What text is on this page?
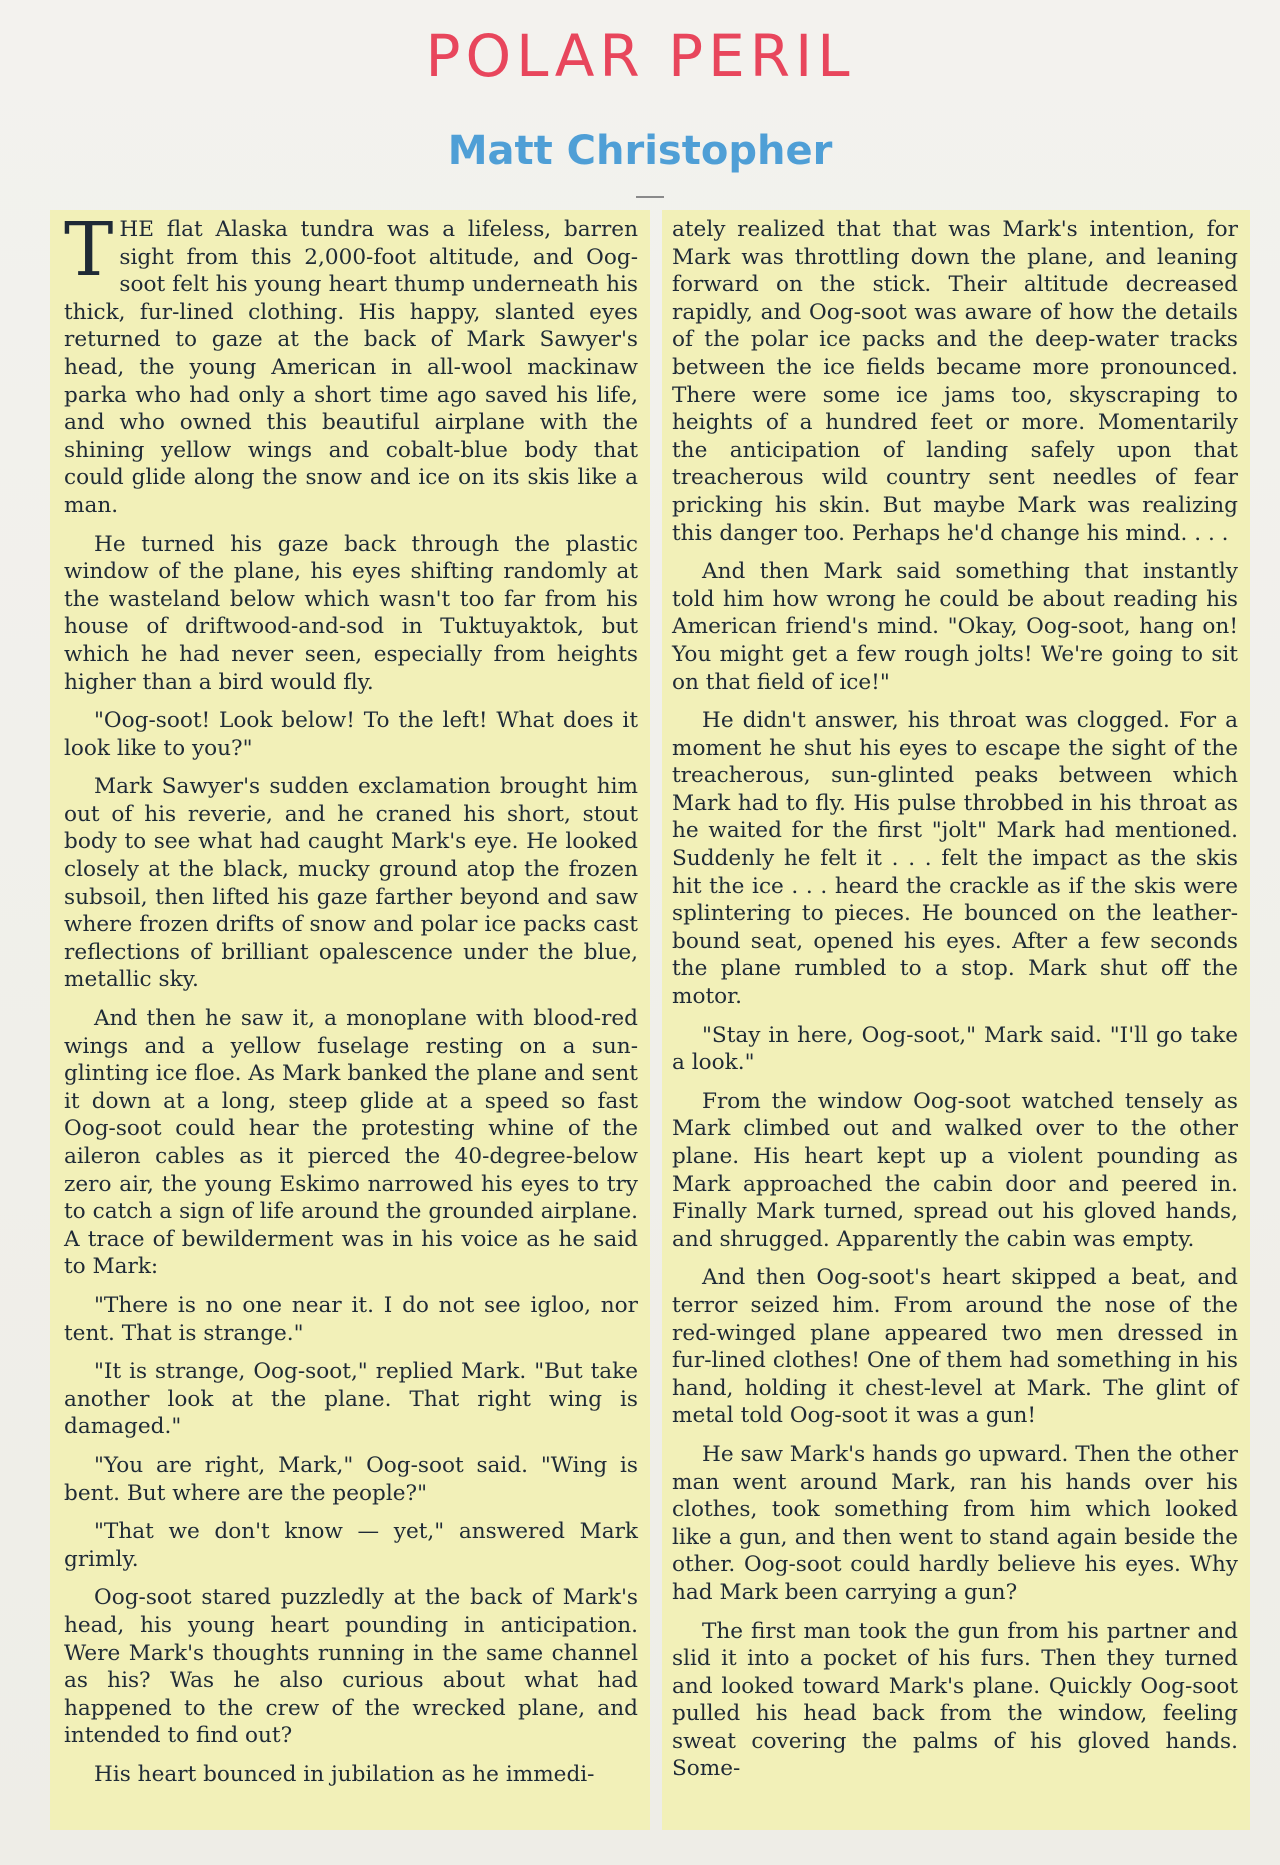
POLAR PERIL
Matt Christopher

THE flat Alaska tundra was a lifeless, barren sight from this 2,000-foot altitude, and Oog-soot felt his young heart thump underneath his thick, fur-lined clothing. His happy, slanted eyes returned to gaze at the back of Mark Sawyer's head, the young American in all-wool mackinaw parka who had only a short time ago saved his life, and who owned this beautiful airplane with the shining yellow wings and cobalt-blue body that could glide along the snow and ice on its skis like a man.

He turned his gaze back through the plastic window of the plane, his eyes shifting randomly at the wasteland below which wasn't too far from his house of driftwood-and-sod in Tuktuyaktok, but which he had never seen, especially from heights higher than a bird would fly.

"Oog-soot! Look below! To the left! What does it look like to you?"

Mark Sawyer's sudden exclamation brought him out of his reverie, and he craned his short, stout body to see what had caught Mark's eye. He looked closely at the black, mucky ground atop the frozen subsoil, then lifted his gaze farther beyond and saw where frozen drifts of snow and polar ice packs cast reflections of brilliant opalescence under the blue, metallic sky.

And then he saw it, a monoplane with blood-red wings and a yellow fuselage resting on a sun-glinting ice floe. As Mark banked the plane and sent it down at a long, steep glide at a speed so fast Oog-soot could hear the protesting whine of the aileron cables as it pierced the 40-degree-below zero air, the young Eskimo narrowed his eyes to try to catch a sign of life around the grounded airplane. A trace of bewilderment was in his voice as he said to Mark:

"There is no one near it. I do not see igloo, nor tent. That is strange."

"It is strange, Oog-soot," replied Mark. "But take another look at the plane. That right wing is damaged."

"You are right, Mark," Oog-soot said. "Wing is bent. But where are the people?"

"That we don't know — yet," answered Mark grimly.

Oog-soot stared puzzledly at the back of Mark's head, his young heart pounding in anticipation. Were Mark's thoughts running in the same channel as his? Was he also curious about what had happened to the crew of the wrecked plane, and intended to find out?

His heart bounced in jubilation as he immedi-

ately realized that that was Mark's intention, for Mark was throttling down the plane, and leaning forward on the stick. Their altitude decreased rapidly, and Oog-soot was aware of how the details of the polar ice packs and the deep-water tracks between the ice fields became more pronounced. There were some ice jams too, skyscraping to heights of a hundred feet or more. Momentarily the anticipation of landing safely upon that treacherous wild country sent needles of fear pricking his skin. But maybe Mark was realizing this danger too. Perhaps he'd change his mind. . . .

And then Mark said something that instantly told him how wrong he could be about reading his American friend's mind. "Okay, Oog-soot, hang on! You might get a few rough jolts! We're going to sit on that field of ice!"

He didn't answer, his throat was clogged. For a moment he shut his eyes to escape the sight of the treacherous, sun-glinted peaks between which Mark had to fly. His pulse throbbed in his throat as he waited for the first "jolt" Mark had mentioned. Suddenly he felt it . . . felt the impact as the skis hit the ice . . . heard the crackle as if the skis were splintering to pieces. He bounced on the leather-bound seat, opened his eyes. After a few seconds the plane rumbled to a stop. Mark shut off the motor.

"Stay in here, Oog-soot," Mark said. "I'll go take a look."

From the window Oog-soot watched tensely as Mark climbed out and walked over to the other plane. His heart kept up a violent pounding as Mark approached the cabin door and peered in. Finally Mark turned, spread out his gloved hands, and shrugged. Apparently the cabin was empty.

And then Oog-soot's heart skipped a beat, and terror seized him. From around the nose of the red-winged plane appeared two men dressed in fur-lined clothes! One of them had something in his hand, holding it chest-level at Mark. The glint of metal told Oog-soot it was a gun!

He saw Mark's hands go upward. Then the other man went around Mark, ran his hands over his clothes, took something from him which looked like a gun, and then went to stand again beside the other. Oog-soot could hardly believe his eyes. Why had Mark been carrying a gun?

The first man took the gun from his partner and slid it into a pocket of his furs. Then they turned and looked toward Mark's plane. Quickly Oog-soot pulled his head back from the window, feeling sweat covering the palms of his gloved hands. Some-
